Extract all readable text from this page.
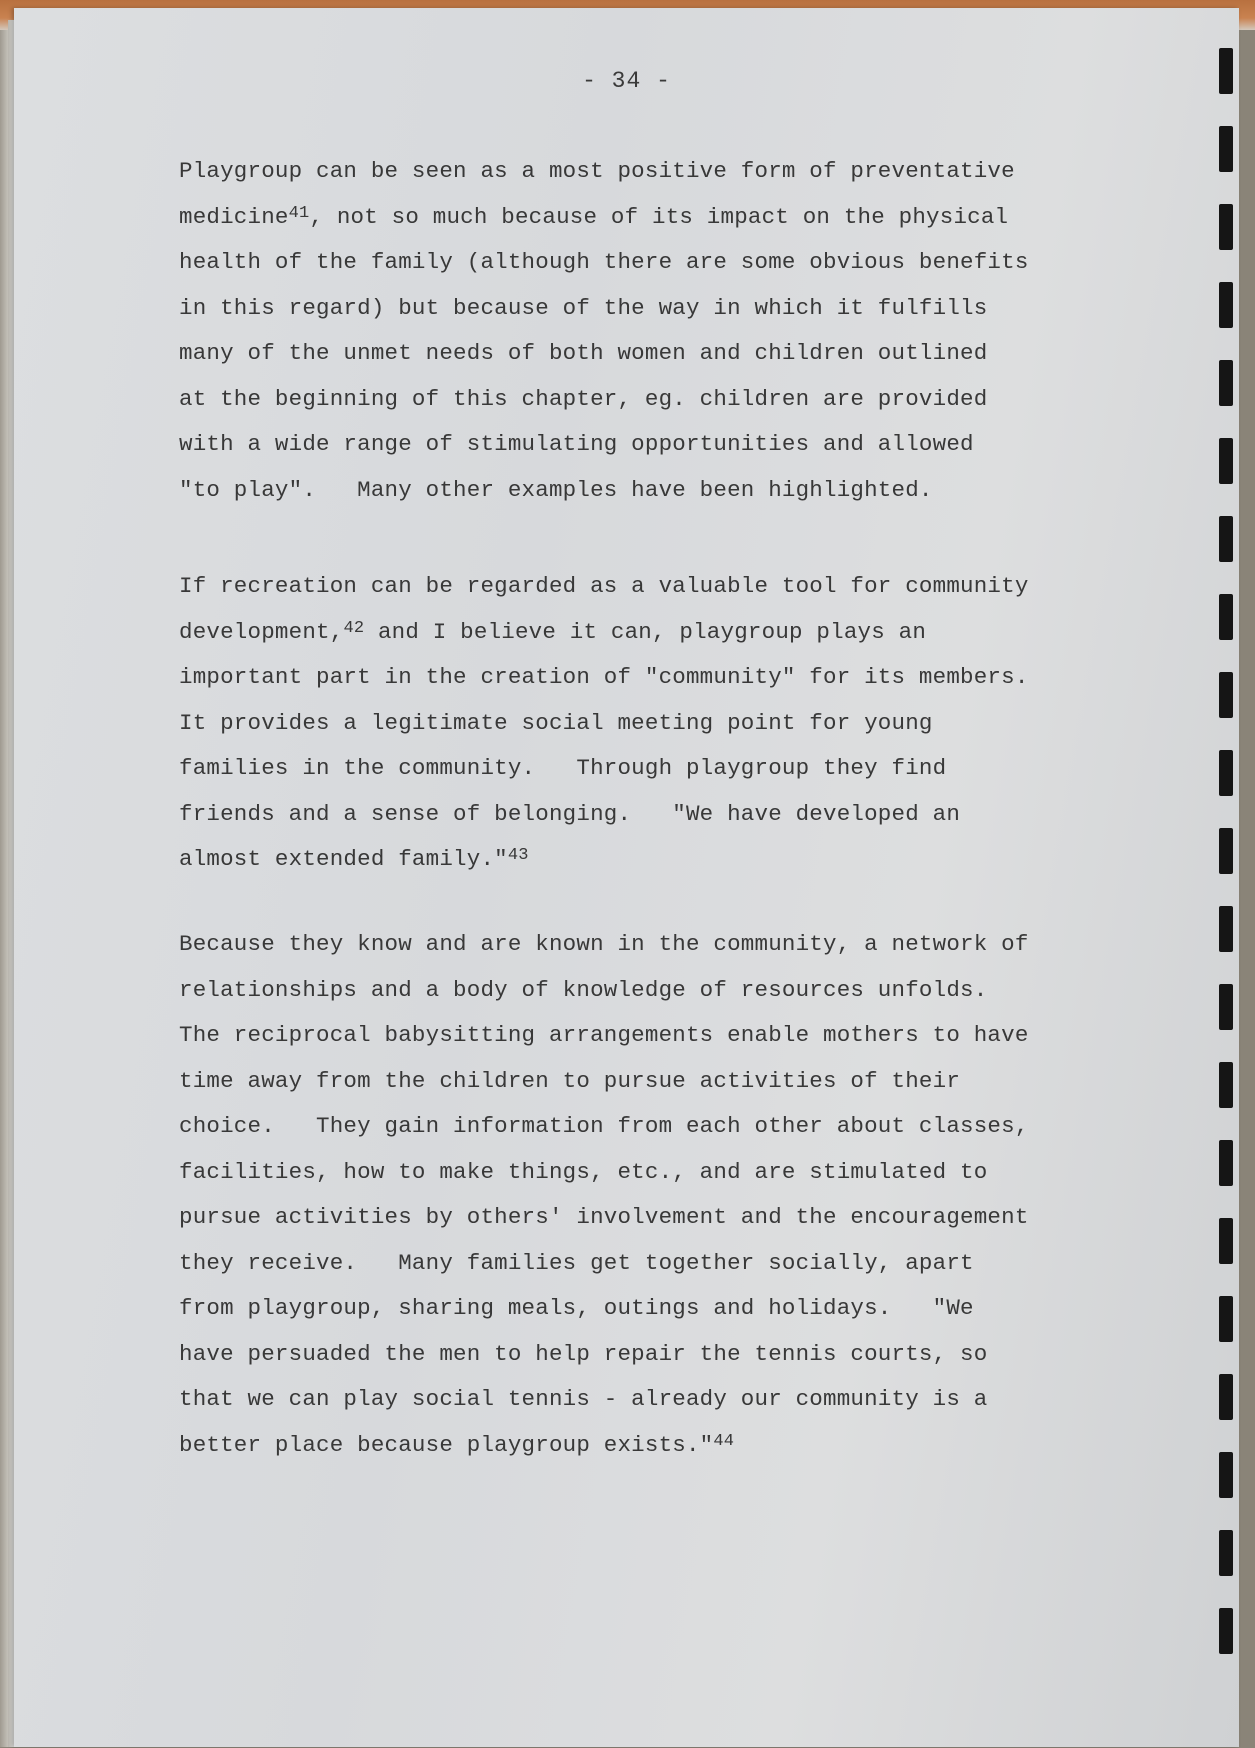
- 34 -
Playgroup can be seen as a most positive form of preventative
medicine$^{41}$, not so much because of its impact on the physical
health of the family (although there are some obvious benefits
in this regard) but because of the way in which it fulfills
many of the unmet needs of both women and children outlined
at the beginning of this chapter, eg. children are provided
with a wide range of stimulating opportunities and allowed
"to play".   Many other examples have been highlighted.
If recreation can be regarded as a valuable tool for community
development,$^{42}$ and I believe it can, playgroup plays an
important part in the creation of "community" for its members.
It provides a legitimate social meeting point for young
families in the community.   Through playgroup they find
friends and a sense of belonging.   "We have developed an
almost extended family."$^{43}$
Because they know and are known in the community, a network of
relationships and a body of knowledge of resources unfolds.
The reciprocal babysitting arrangements enable mothers to have
time away from the children to pursue activities of their
choice.   They gain information from each other about classes,
facilities, how to make things, etc., and are stimulated to
pursue activities by others' involvement and the encouragement
they receive.   Many families get together socially, apart
from playgroup, sharing meals, outings and holidays.   "We
have persuaded the men to help repair the tennis courts, so
that we can play social tennis - already our community is a
better place because playgroup exists."$^{44}$
